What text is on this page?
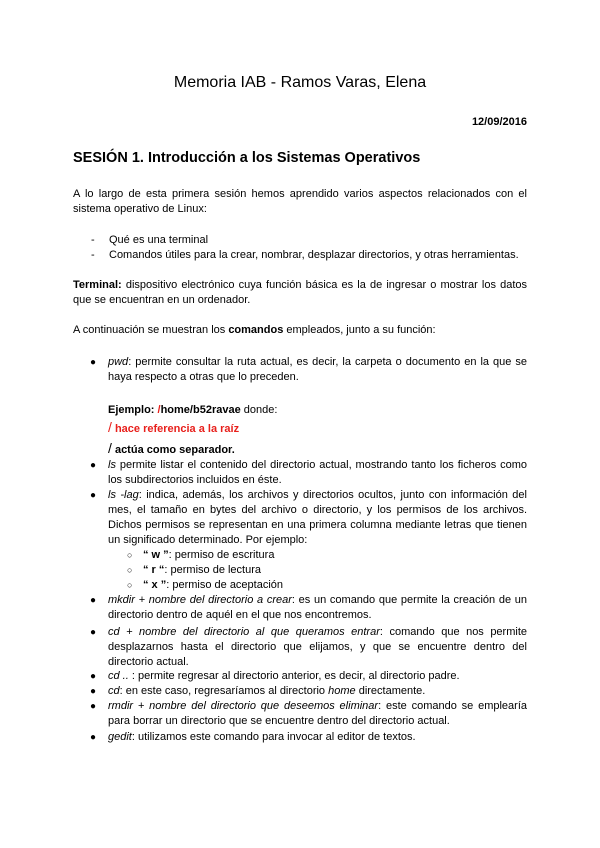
Memoria IAB - Ramos Varas, Elena
12/09/2016
SESIÓN 1. Introducción a los Sistemas Operativos
A lo largo de esta primera sesión hemos aprendido varios aspectos relacionados con el sistema operativo de Linux:
- Qué es una terminal
- Comandos útiles para la crear, nombrar, desplazar directorios, y otras herramientas.
Terminal: dispositivo electrónico cuya función básica es la de ingresar o mostrar los datos que se encuentran en un ordenador.
A continuación se muestran los comandos empleados, junto a su función:
●	pwd: permite consultar la ruta actual, es decir, la carpeta o documento en la que se haya respecto a otras que lo preceden.
Ejemplo: /home/b52ravae donde:
/ hace referencia a la raíz
/ actúa como separador.
●	ls permite listar el contenido del directorio actual, mostrando tanto los ficheros como los subdirectorios incluidos en éste.
●	ls -lag: indica, además, los archivos y directorios ocultos, junto con información del mes, el tamaño en bytes del archivo o directorio, y los permisos de los archivos. Dichos permisos se representan en una primera columna mediante letras que tienen un significado determinado. Por ejemplo:
○ “ w ”: permiso de escritura
○ “ r “: permiso de lectura
○ “ x ”: permiso de aceptación
●	mkdir + nombre del directorio a crear: es un comando que permite la creación de un directorio dentro de aquél en el que nos encontremos.
●	cd + nombre del directorio al que queramos entrar: comando que nos permite desplazarnos hasta el directorio que elijamos, y que se encuentre dentro del directorio actual.
●	cd .. : permite regresar al directorio anterior, es decir, al directorio padre.
●	cd: en este caso, regresaríamos al directorio home directamente.
●	rmdir + nombre del directorio que deseemos eliminar: este comando se emplearía para borrar un directorio que se encuentre dentro del directorio actual.
●	gedit: utilizamos este comando para invocar al editor de textos.
